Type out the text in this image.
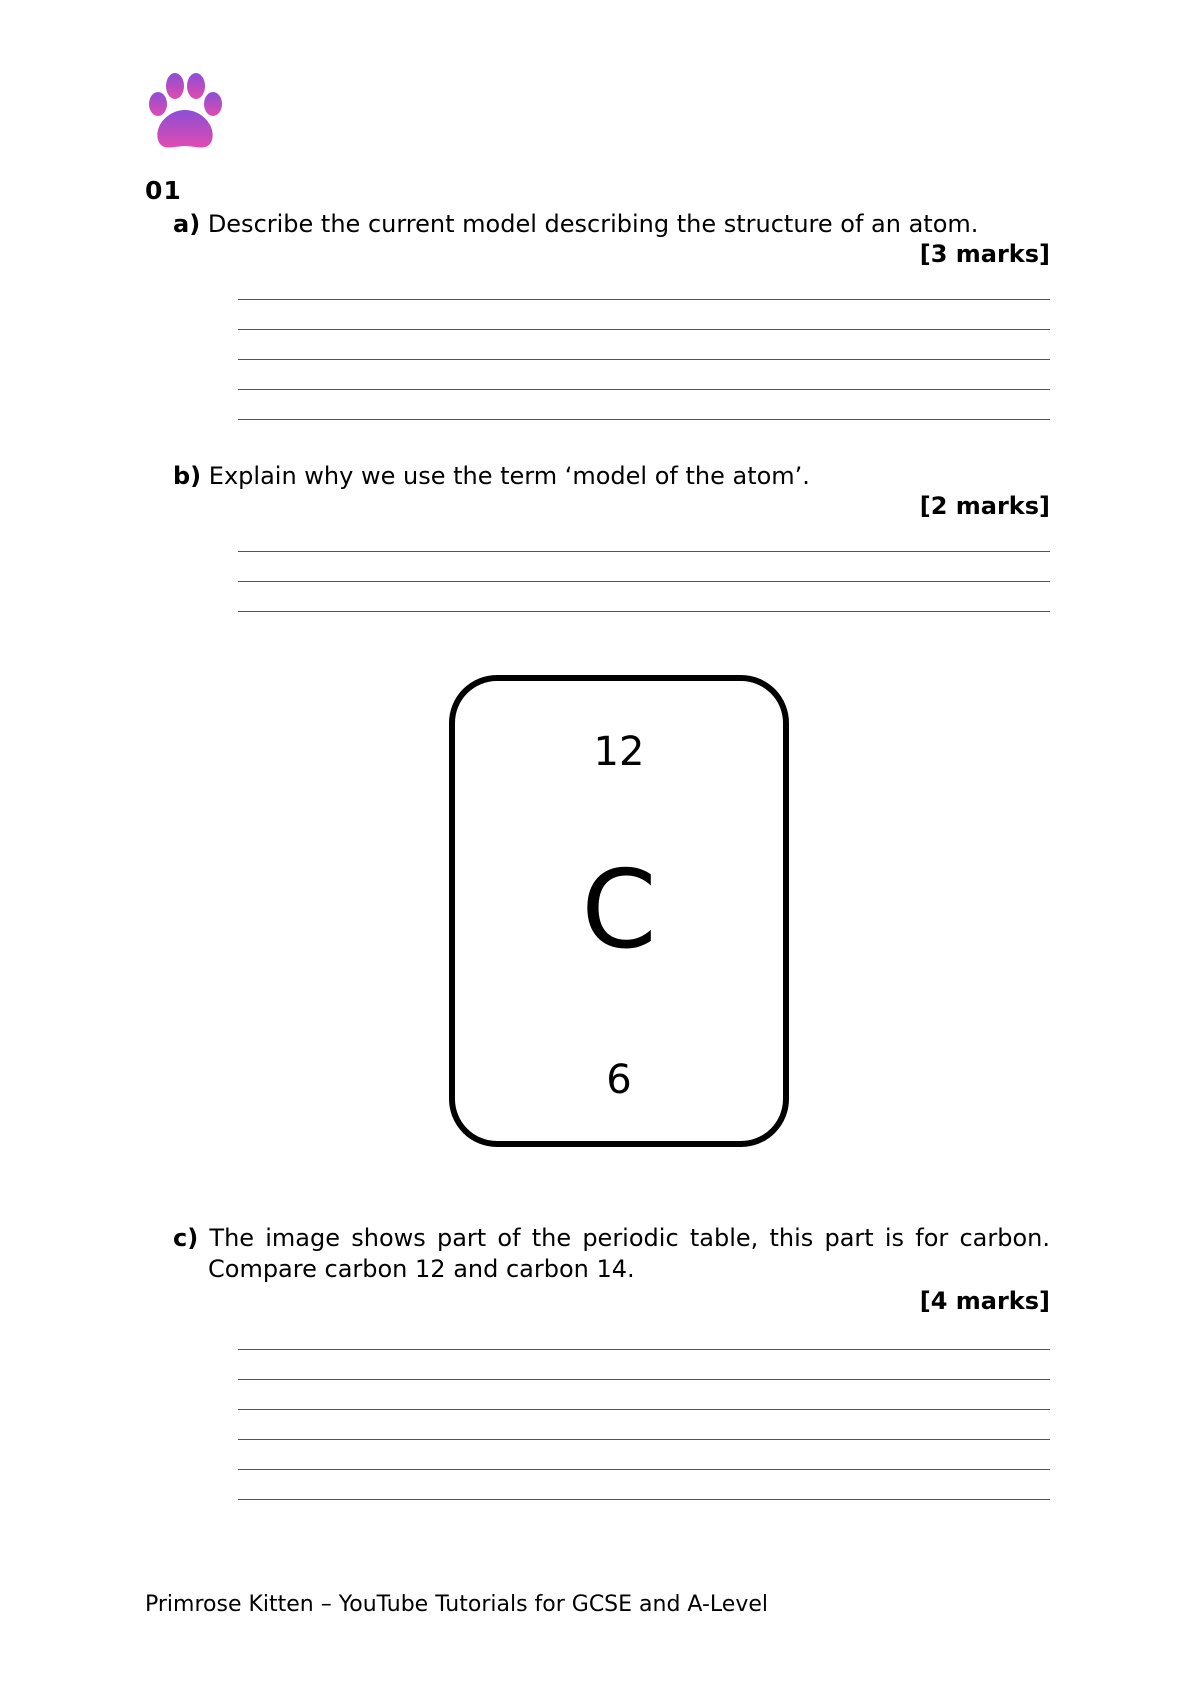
01
a) Describe the current model describing the structure of an atom.
[3 marks]
b) Explain why we use the term ‘model of the atom’.
[2 marks]
12
C
6
c) The image shows part of the periodic table, this part is for carbon. Compare carbon 12 and carbon 14.
[4 marks]
Primrose Kitten – YouTube Tutorials for GCSE and A-Level
